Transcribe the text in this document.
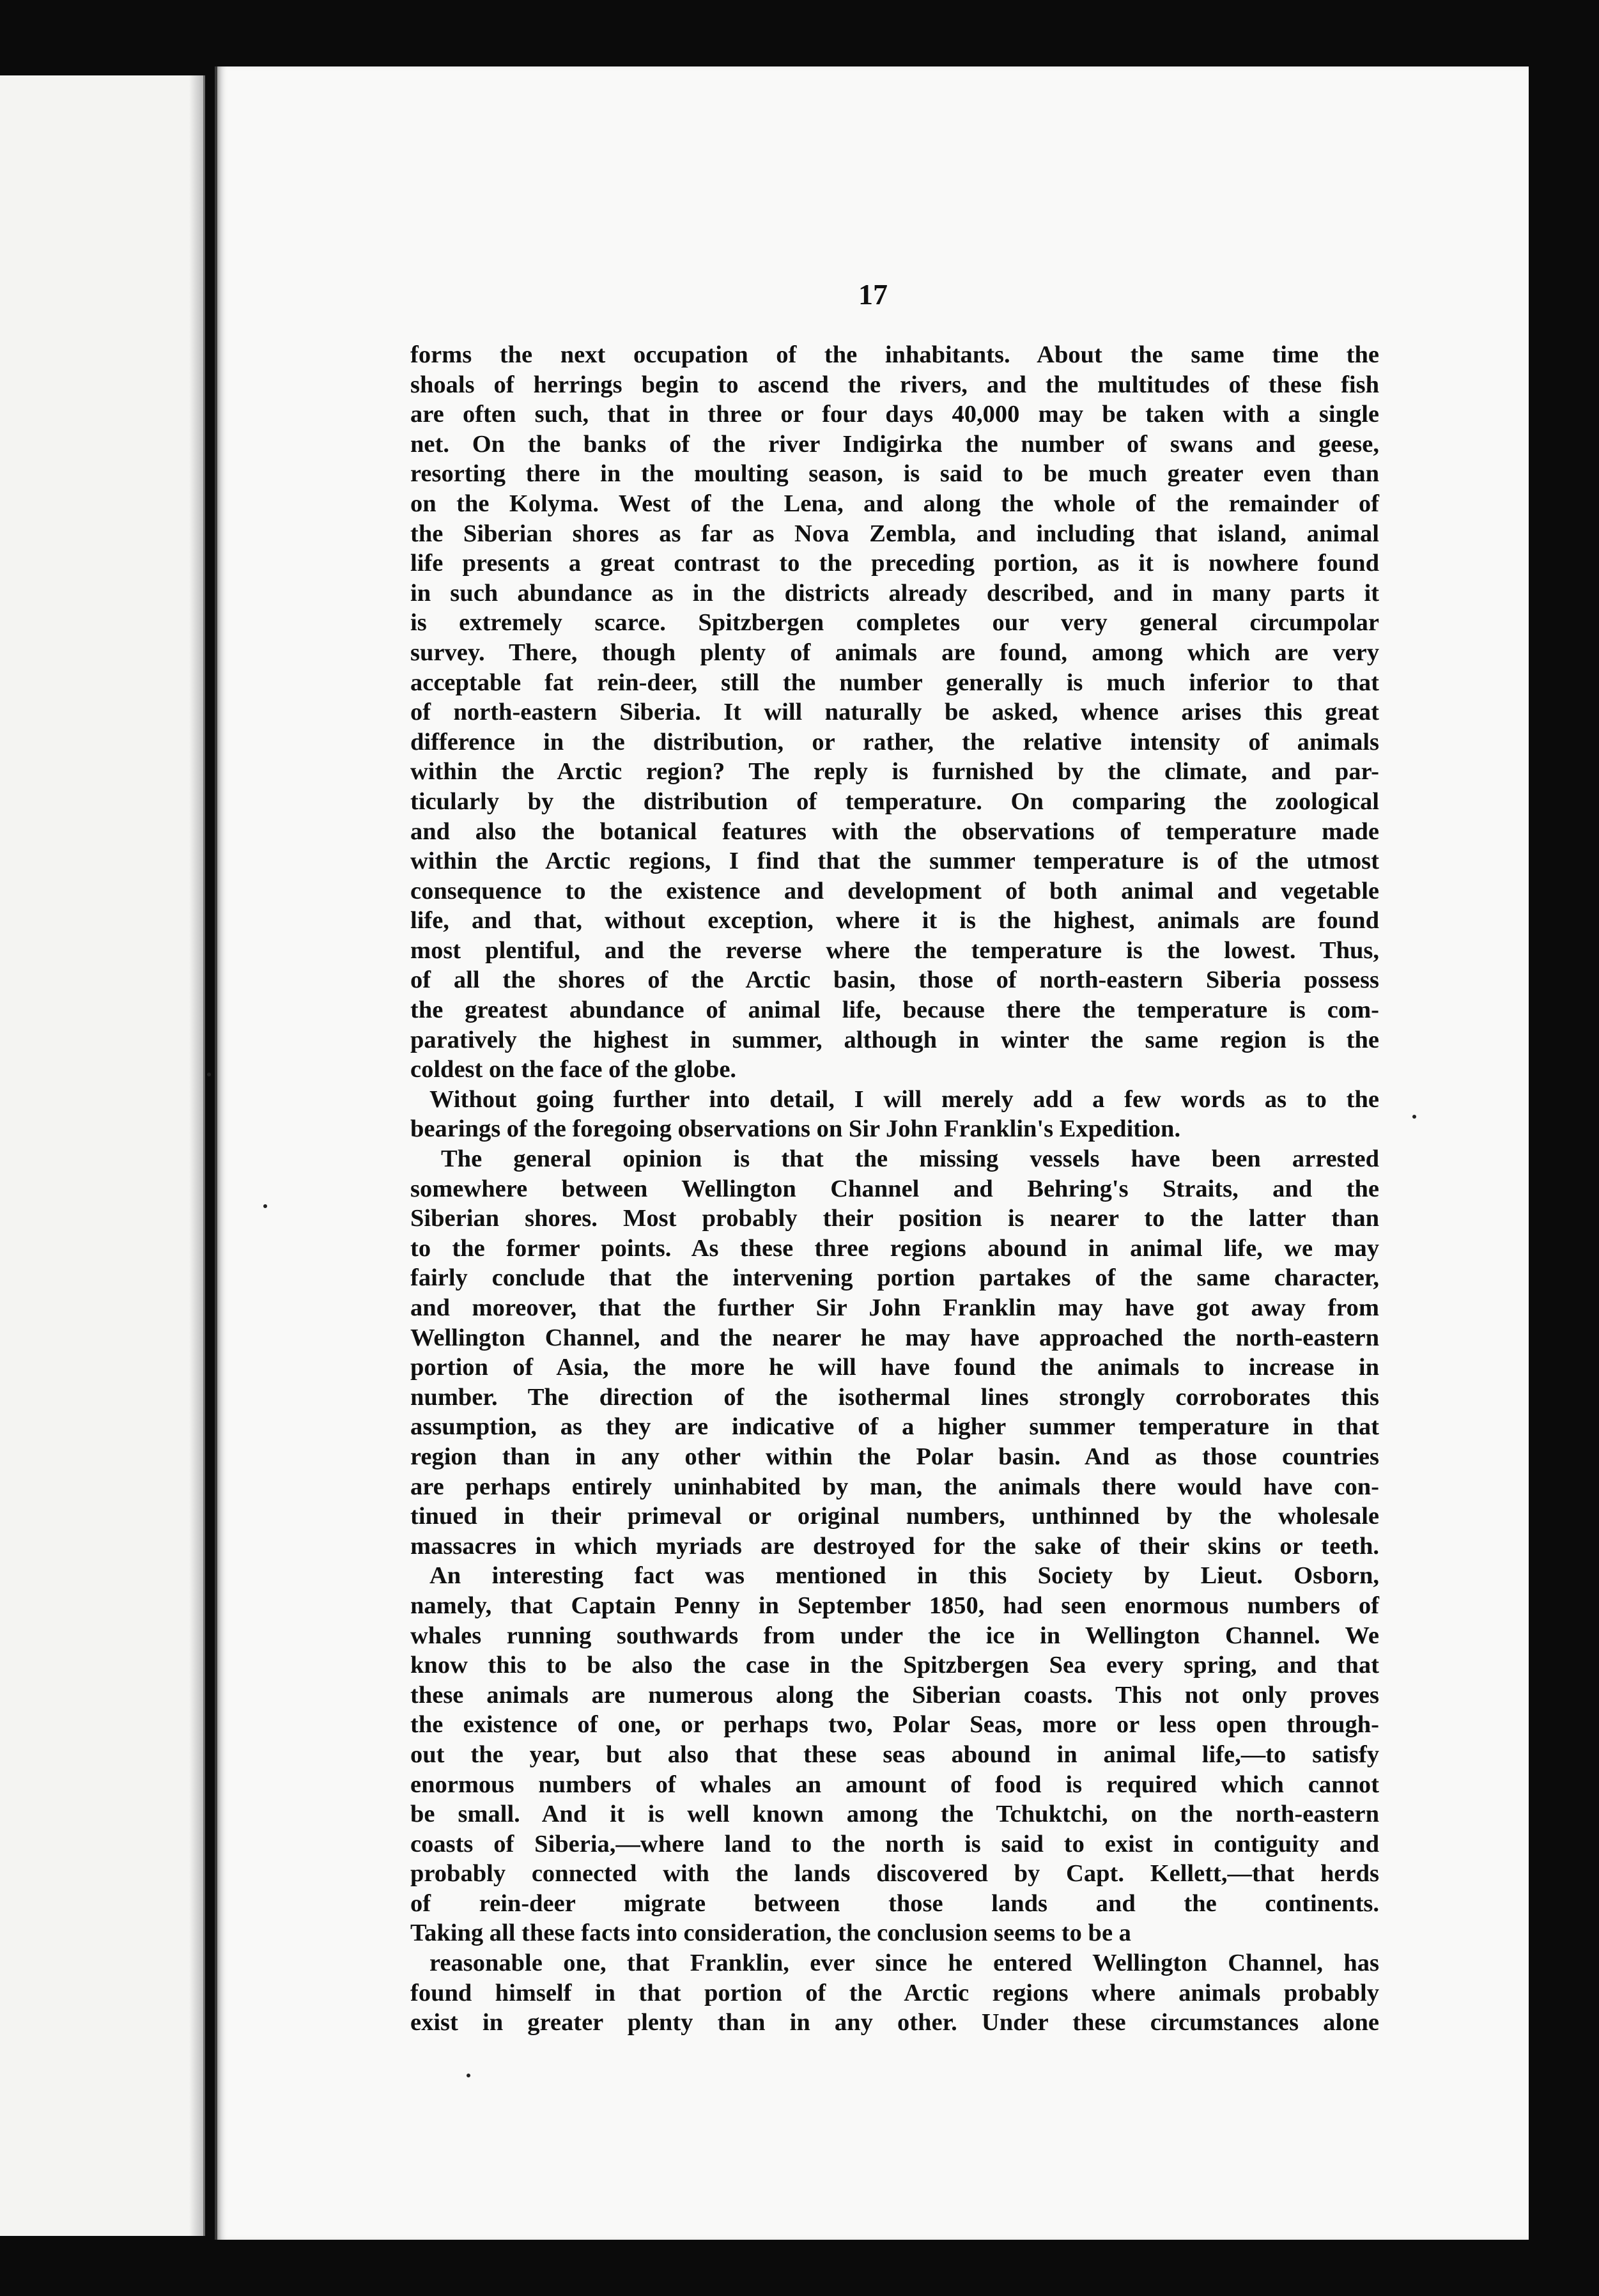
17

forms the next occupation of the inhabitants. About the same time the

shoals of herrings begin to ascend the rivers, and the multitudes of these fish

are often such, that in three or four days 40,000 may be taken with a single

net. On the banks of the river Indigirka the number of swans and geese,

resorting there in the moulting season, is said to be much greater even than

on the Kolyma. West of the Lena, and along the whole of the remainder of

the Siberian shores as far as Nova Zembla, and including that island, animal

life presents a great contrast to the preceding portion, as it is nowhere found

in such abundance as in the districts already described, and in many parts it

is extremely scarce. Spitzbergen completes our very general circumpolar

survey. There, though plenty of animals are found, among which are very

acceptable fat rein-deer, still the number generally is much inferior to that

of north-eastern Siberia. It will naturally be asked, whence arises this great

difference in the distribution, or rather, the relative intensity of animals

within the Arctic region? The reply is furnished by the climate, and par-

ticularly by the distribution of temperature. On comparing the zoological

and also the botanical features with the observations of temperature made

within the Arctic regions, I find that the summer temperature is of the utmost

consequence to the existence and development of both animal and vegetable

life, and that, without exception, where it is the highest, animals are found

most plentiful, and the reverse where the temperature is the lowest. Thus,

of all the shores of the Arctic basin, those of north-eastern Siberia possess

the greatest abundance of animal life, because there the temperature is com-

paratively the highest in summer, although in winter the same region is the

coldest on the face of the globe.

Without going further into detail, I will merely add a few words as to the

bearings of the foregoing observations on Sir John Franklin's Expedition.

The general opinion is that the missing vessels have been arrested

somewhere between Wellington Channel and Behring's Straits, and the

Siberian shores. Most probably their position is nearer to the latter than

to the former points. As these three regions abound in animal life, we may

fairly conclude that the intervening portion partakes of the same character,

and moreover, that the further Sir John Franklin may have got away from

Wellington Channel, and the nearer he may have approached the north-eastern

portion of Asia, the more he will have found the animals to increase in

number. The direction of the isothermal lines strongly corroborates this

assumption, as they are indicative of a higher summer temperature in that

region than in any other within the Polar basin. And as those countries

are perhaps entirely uninhabited by man, the animals there would have con-

tinued in their primeval or original numbers, unthinned by the wholesale

massacres in which myriads are destroyed for the sake of their skins or teeth.

An interesting fact was mentioned in this Society by Lieut. Osborn,

namely, that Captain Penny in September 1850, had seen enormous numbers of

whales running southwards from under the ice in Wellington Channel. We

know this to be also the case in the Spitzbergen Sea every spring, and that

these animals are numerous along the Siberian coasts. This not only proves

the existence of one, or perhaps two, Polar Seas, more or less open through-

out the year, but also that these seas abound in animal life,—to satisfy

enormous numbers of whales an amount of food is required which cannot

be small. And it is well known among the Tchuktchi, on the north-eastern

coasts of Siberia,—where land to the north is said to exist in contiguity and

probably connected with the lands discovered by Capt. Kellett,—that herds

of rein-deer migrate between those lands and the continents.

Taking all these facts into consideration, the conclusion seems to be a

reasonable one, that Franklin, ever since he entered Wellington Channel, has

found himself in that portion of the Arctic regions where animals probably

exist in greater plenty than in any other. Under these circumstances alone
